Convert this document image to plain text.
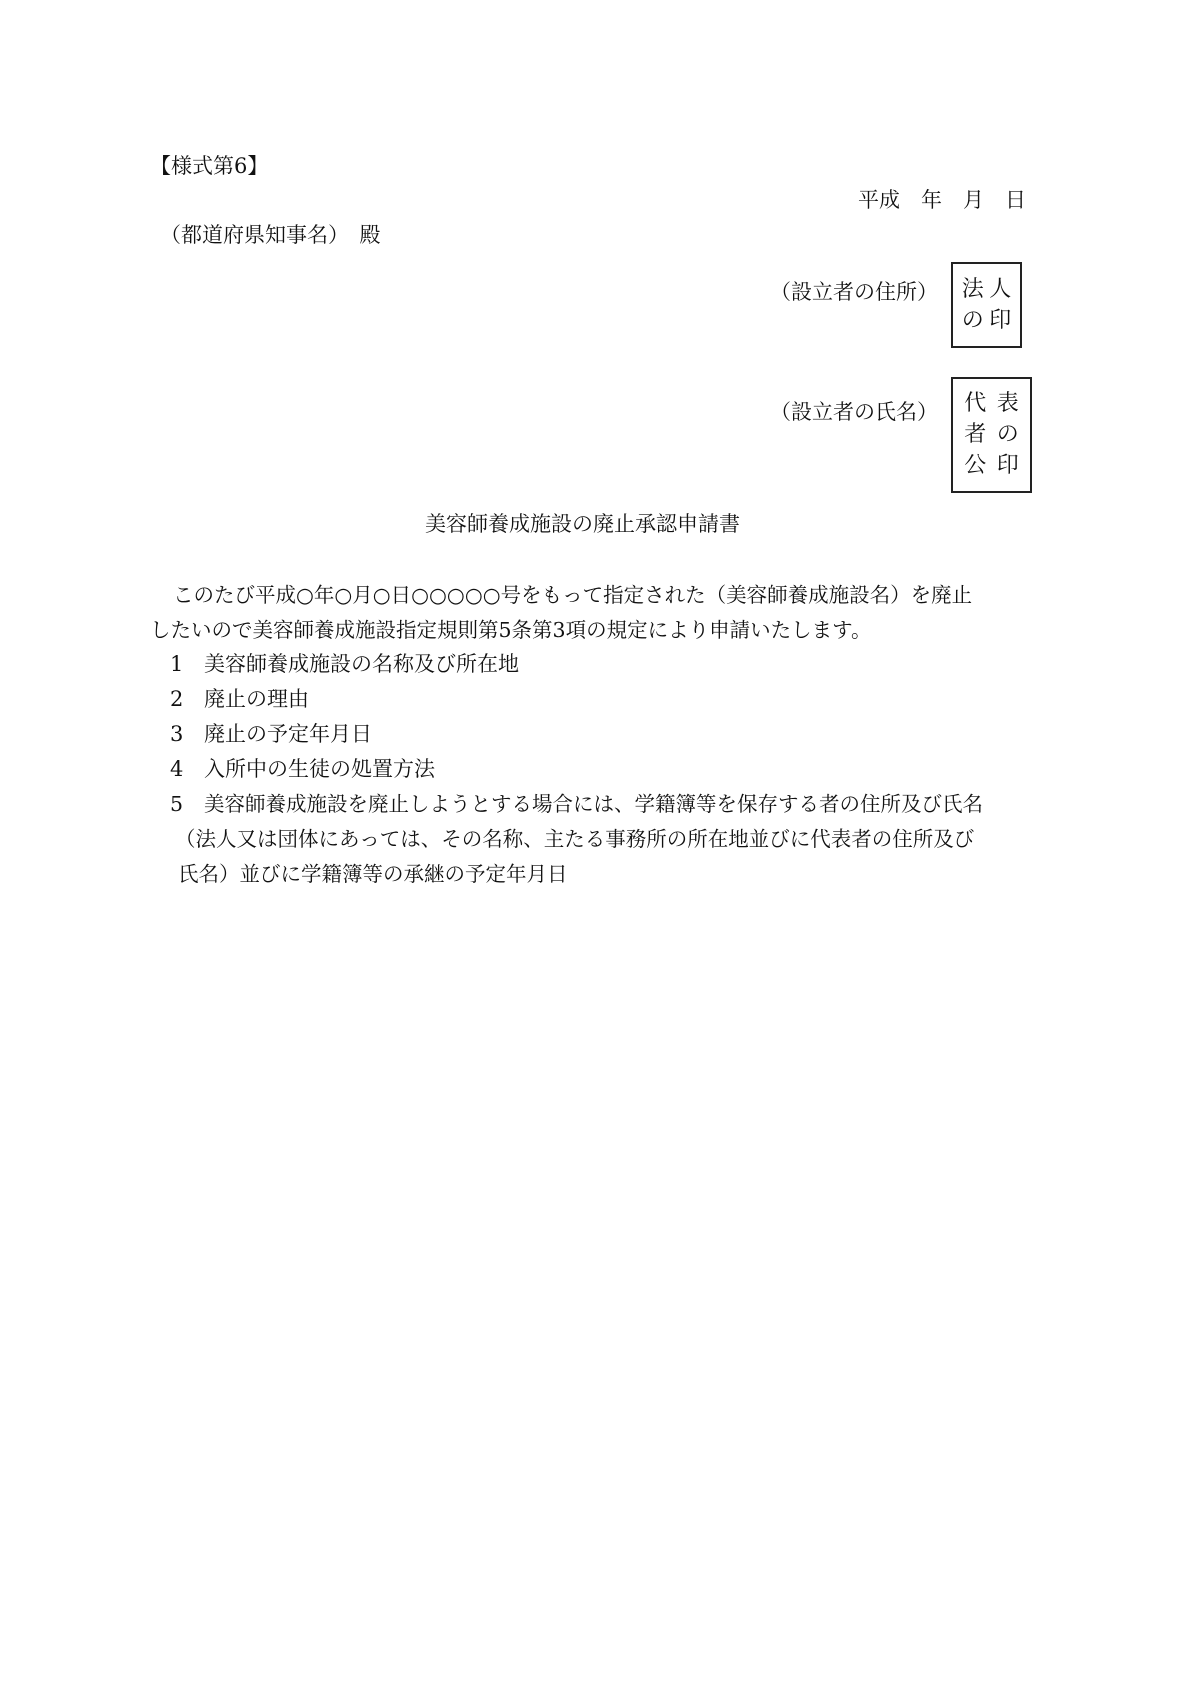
【様式第6】
平成　年　月　日
（都道府県知事名）　殿
（設立者の住所） 法 人
の 印
（設立者の氏名） 代 表
者 の
公 印
美容師養成施設の廃止承認申請書
このたび平成○年○月○日○○○○○号をもって指定された（美容師養成施設名）を廃止
したいので美容師養成施設指定規則第5条第3項の規定により申請いたします。
1 美容師養成施設の名称及び所在地
2 廃止の理由
3 廃止の予定年月日
4 入所中の生徒の処置方法
5	美容師養成施設を廃止しようとする場合には、学籍簿等を保存する者の住所及び氏名
（法人又は団体にあっては、その名称、主たる事務所の所在地並びに代表者の住所及び
氏名）並びに学籍簿等の承継の予定年月日
